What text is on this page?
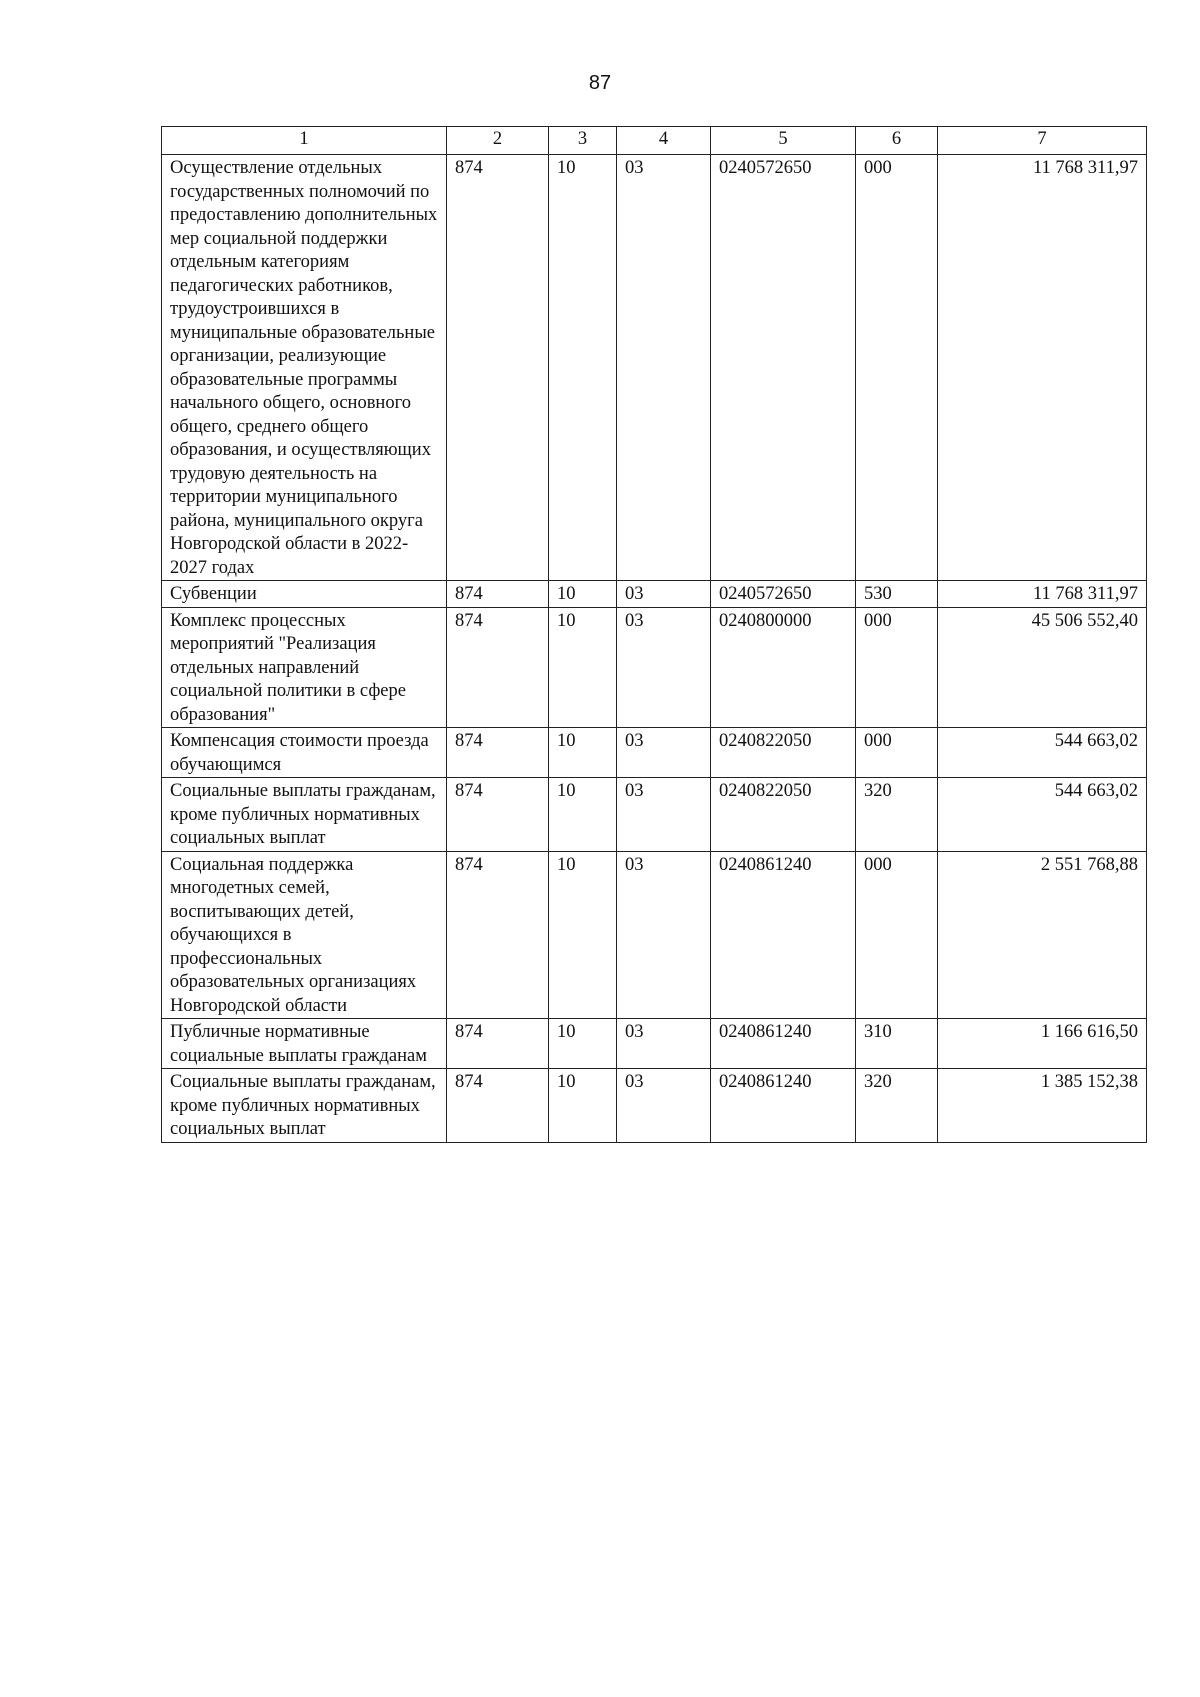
87
1	2	3	4	5	6	7
Осуществление отдельных государственных полномочий по предоставлению дополнительных мер социальной поддержки отдельным категориям педагогических работников, трудоустроившихся в муниципальные образовательные организации, реализующие образовательные программы начального общего, основного общего, среднего общего образования, и осуществляющих трудовую деятельность на территории муниципального района, муниципального округа Новгородской области в 2022-2027 годах	874	10	03	0240572650	000	11 768 311,97
Субвенции	874	10	03	0240572650	530	11 768 311,97
Комплекс процессных мероприятий "Реализация отдельных направлений социальной политики в сфере образования"	874	10	03	0240800000	000	45 506 552,40
Компенсация стоимости проезда обучающимся	874	10	03	0240822050	000	544 663,02
Социальные выплаты гражданам, кроме публичных нормативных социальных выплат	874	10	03	0240822050	320	544 663,02
Социальная поддержка многодетных семей, воспитывающих детей, обучающихся в профессиональных образовательных организациях Новгородской области	874	10	03	0240861240	000	2 551 768,88
Публичные нормативные социальные выплаты гражданам	874	10	03	0240861240	310	1 166 616,50
Социальные выплаты гражданам, кроме публичных нормативных социальных выплат	874	10	03	0240861240	320	1 385 152,38
